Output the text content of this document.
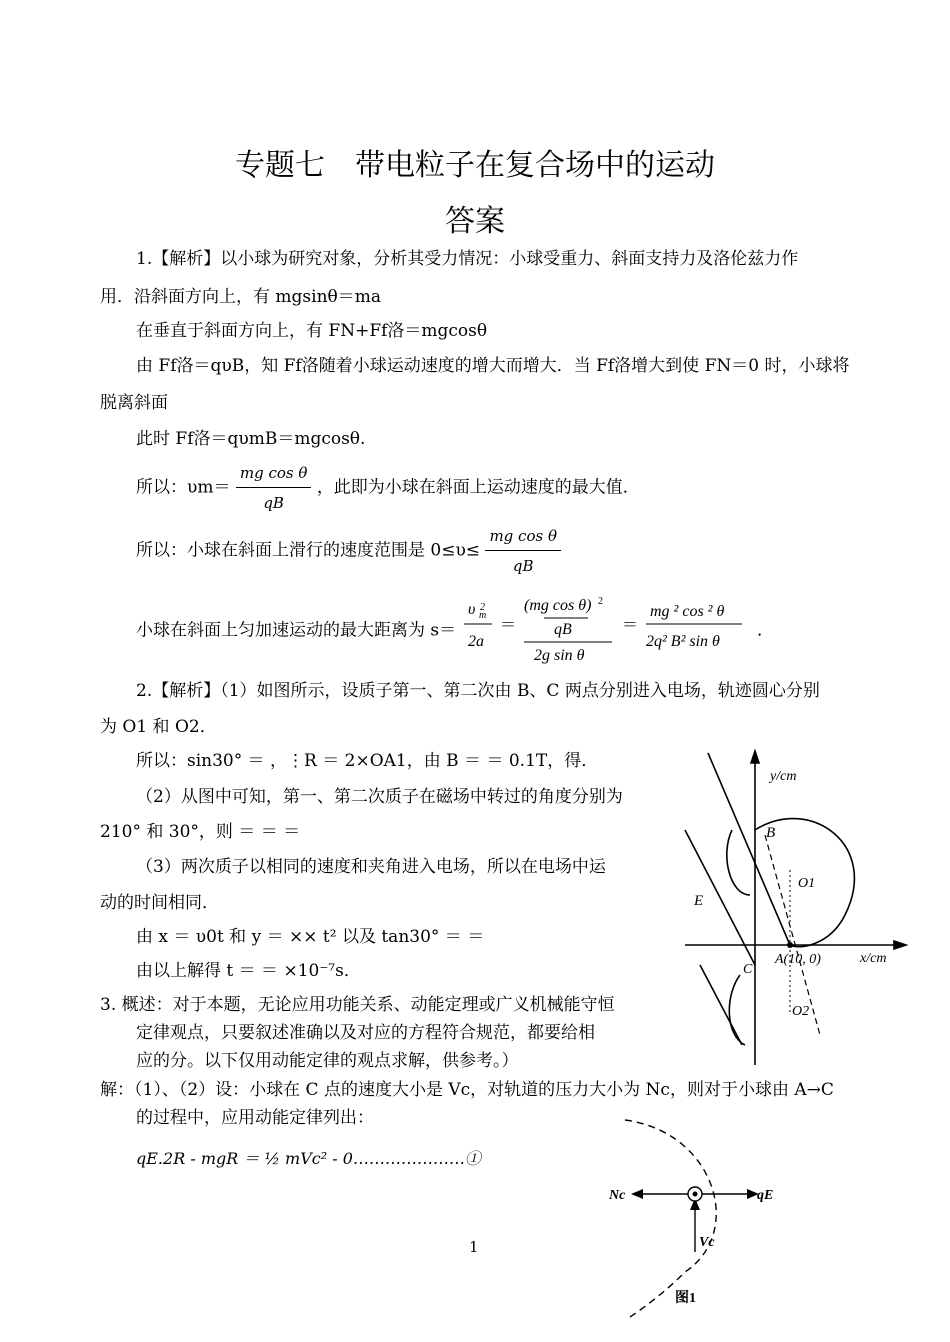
专题七　带电粒子在复合场中的运动
答案
1.【解析】以小球为研究对象，分析其受力情况：小球受重力、斜面支持力及洛伦兹力作
用．沿斜面方向上，有 mgsinθ＝ma
在垂直于斜面方向上，有 FN+Ff洛＝mgcosθ
由 Ff洛＝qυB，知 Ff洛随着小球运动速度的增大而增大．当 Ff洛增大到使 FN＝0 时，小球将
脱离斜面
此时 Ff洛＝qυmB＝mgcosθ.
所以：$\upsilon m= \frac{\text{mg cos θ}}{qB}$ ，此即为小球在斜面上运动速度的最大值．
所以：小球在斜面上滑行的速度范围是 $0\le\upsilon\le \frac{\text{mg cos θ}}{qB}$
小球在斜面上匀加速运动的最大距离为 s＝
υ 2
m
2a
＝
(mg cos θ) 2
qB
2g sin θ
＝
mg ² cos ² θ
2q² B² sin θ
．
2.【解析】（1）如图所示，设质子第一、第二次由 B、C 两点分别进入电场，轨迹圆心分别
为 O1 和 O2．
所以：sin30° ＝ ，⋮R ＝ 2×OA1，由 B ＝ ＝ 0.1T，得．
（2）从图中可知，第一、第二次质子在磁场中转过的角度分别为
210° 和 30°，则 ＝ ＝ ＝
（3）两次质子以相同的速度和夹角进入电场，所以在电场中运
动的时间相同．
由 x ＝ υ0t 和 y ＝ ×× t² 以及 tan30° ＝ ＝
由以上解得 t ＝ ＝ ×10⁻⁷s．
3. 概述：对于本题，无论应用功能关系、动能定理或广义机械能守恒
定律观点，只要叙述准确以及对应的方程符合规范，都要给相
应的分。以下仅用动能定律的观点求解，供参考。）
解：（1）、（2）设：小球在 C 点的速度大小是 Vc，对轨道的压力大小为 Nc，则对于小球由 A→C
的过程中，应用动能定律列出：
qE.2R - mgR ＝ ½ mVc² - 0…………………①
y/cm
x/cm
B
C
E
A(10, 0)
O1
O2
Nc	qE
Vc
图1
1
